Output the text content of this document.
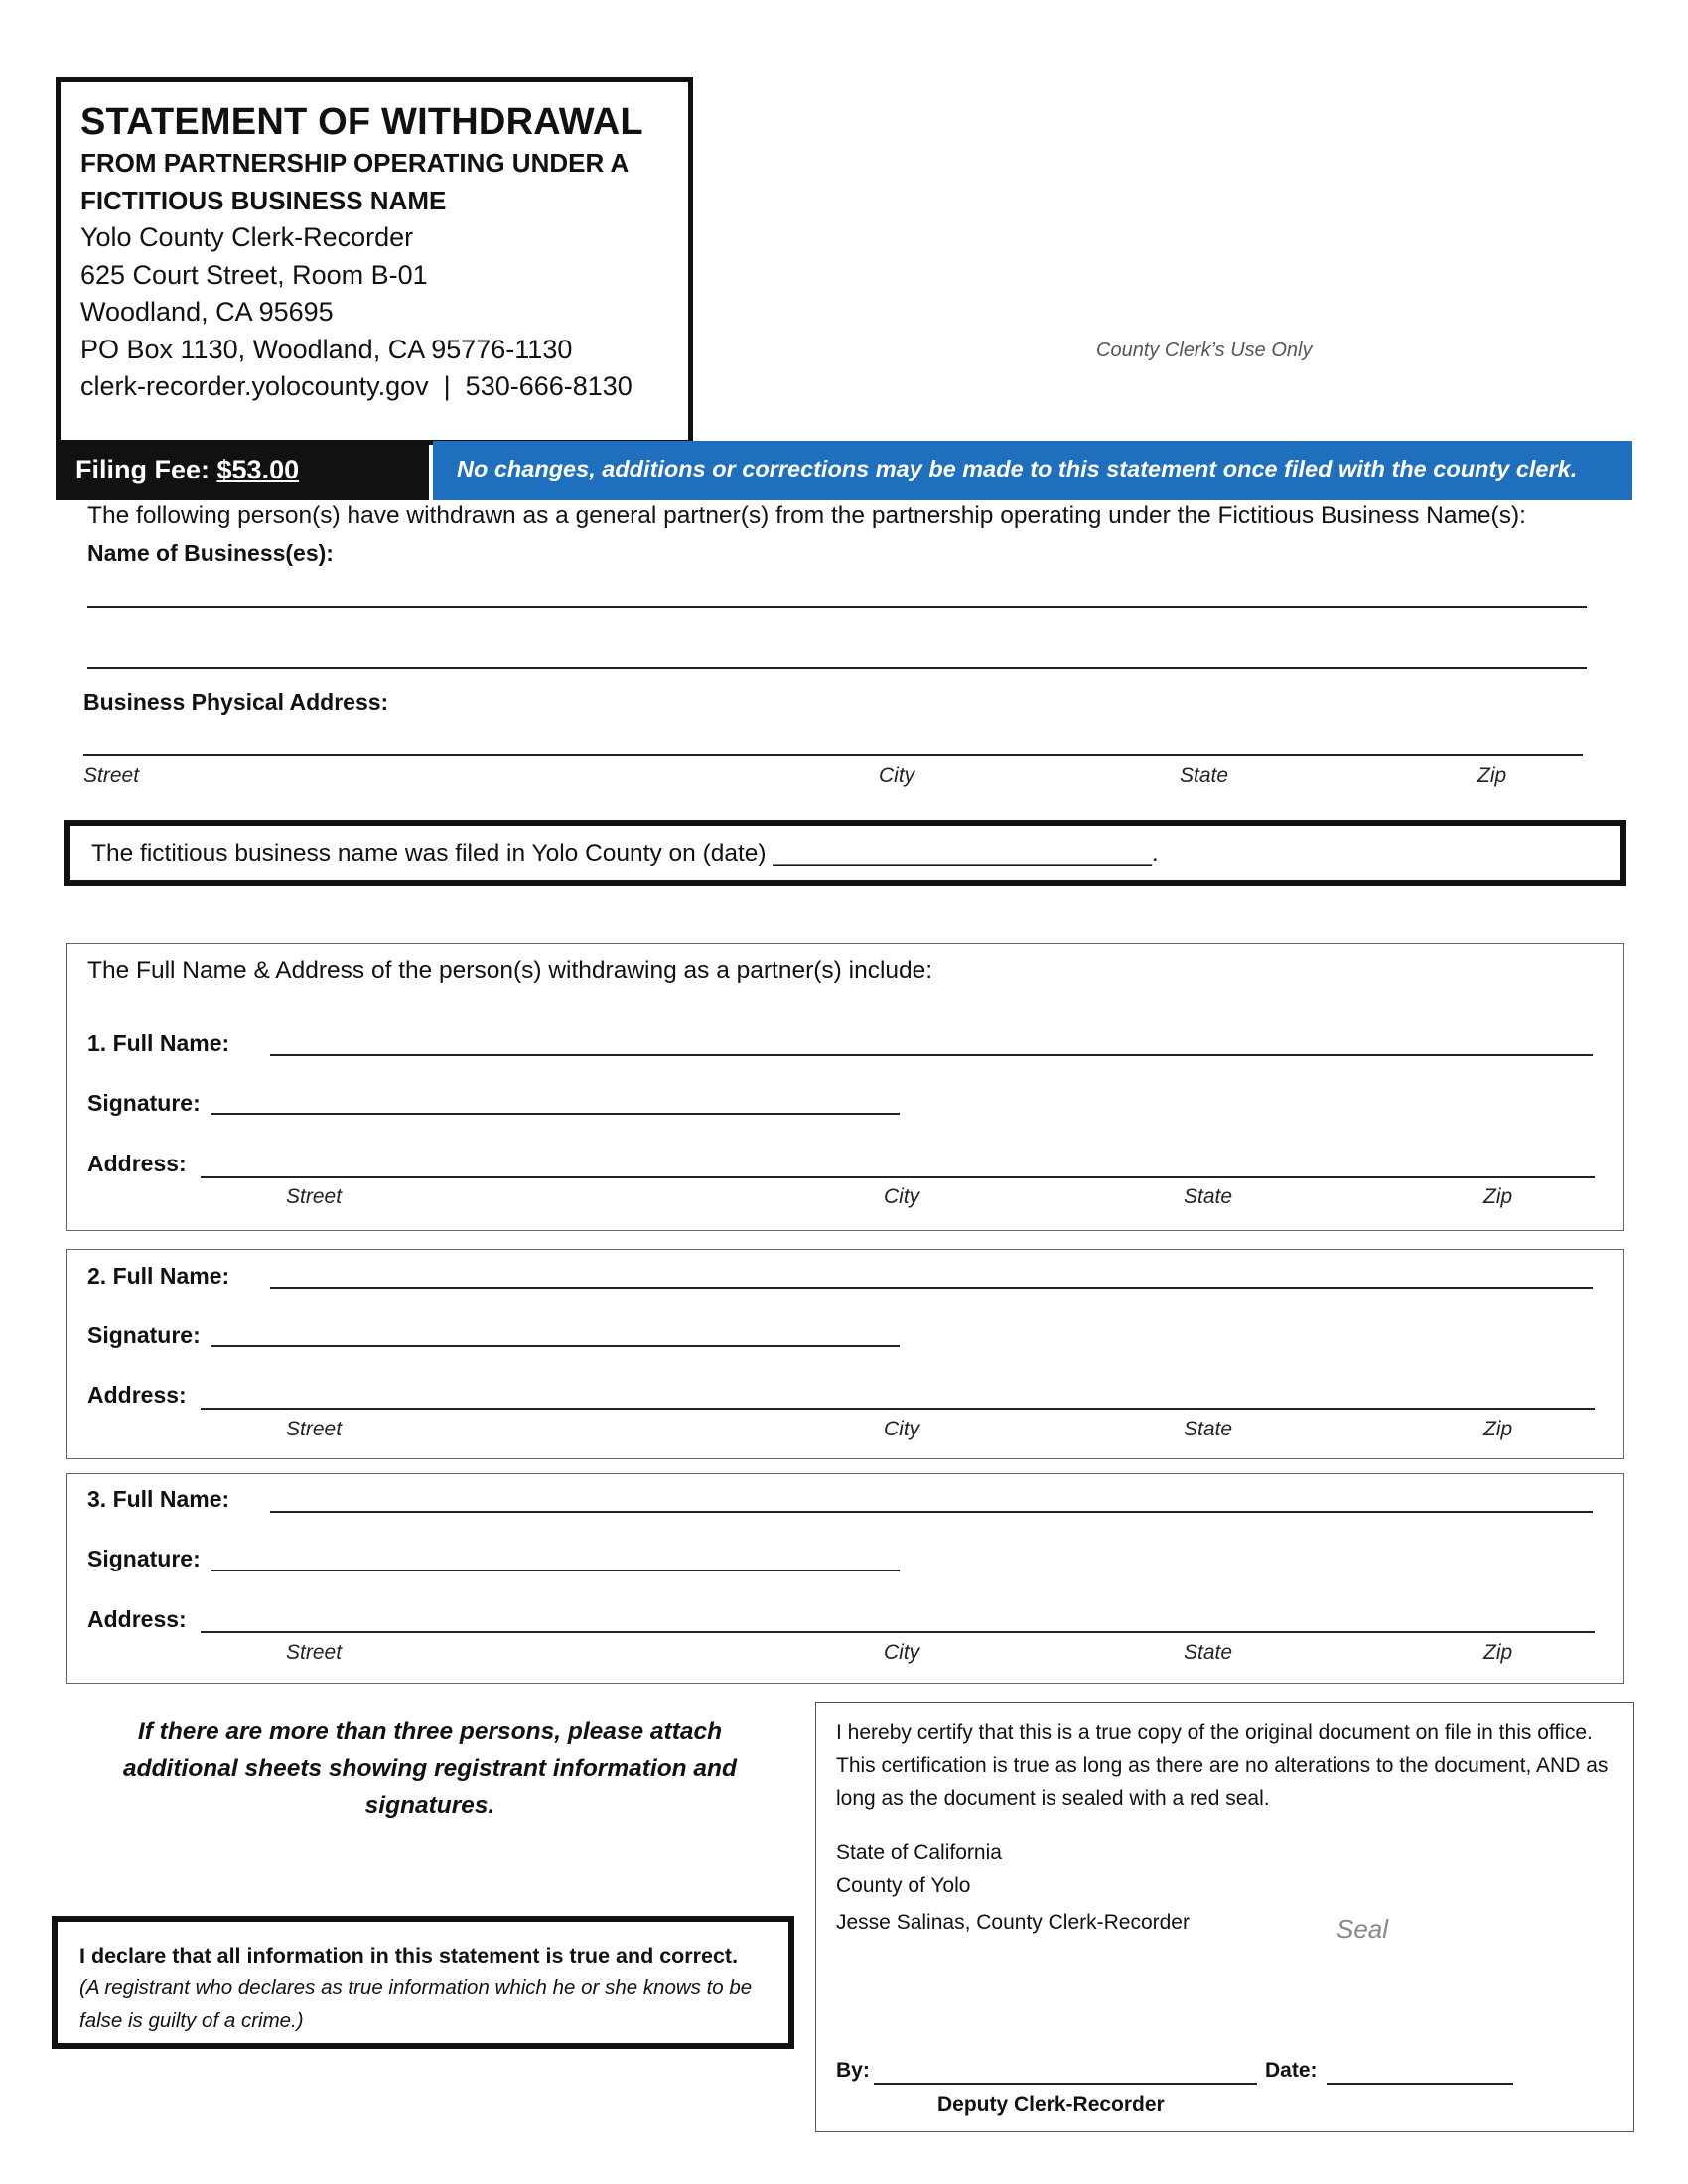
STATEMENT OF WITHDRAWAL
FROM PARTNERSHIP OPERATING UNDER A
FICTITIOUS BUSINESS NAME
Yolo County Clerk-Recorder
625 Court Street, Room B-01
Woodland, CA 95695
PO Box 1130, Woodland, CA 95776-1130
clerk-recorder.yolocounty.gov  |  530-666-8130
County Clerk’s Use Only
Filing Fee: $53.00	No changes, additions or corrections may be made to this statement once filed with the county clerk.
The following person(s) have withdrawn as a general partner(s) from the partnership operating under the Fictitious Business Name(s):
Name of Business(es):
Business Physical Address:
Street	City	State	Zip
The fictitious business name was filed in Yolo County on (date) ____________________________.
The Full Name & Address of the person(s) withdrawing as a partner(s) include:
1. Full Name:
Signature:
Address:
Street	City	State	Zip
2. Full Name:
Signature:
Address:
Street	City	State	Zip
3. Full Name:
Signature:
Address:
Street	City	State	Zip
If there are more than three persons, please attach additional sheets showing registrant information and signatures.
I declare that all information in this statement is true and correct.
(A registrant who declares as true information which he or she knows to be false is guilty of a crime.)
I hereby certify that this is a true copy of the original document on file in this office. This certification is true as long as there are no alterations to the document, AND as long as the document is sealed with a red seal.
State of California
County of Yolo
Jesse Salinas, County Clerk-Recorder	Seal
By:	Date:
Deputy Clerk-Recorder
